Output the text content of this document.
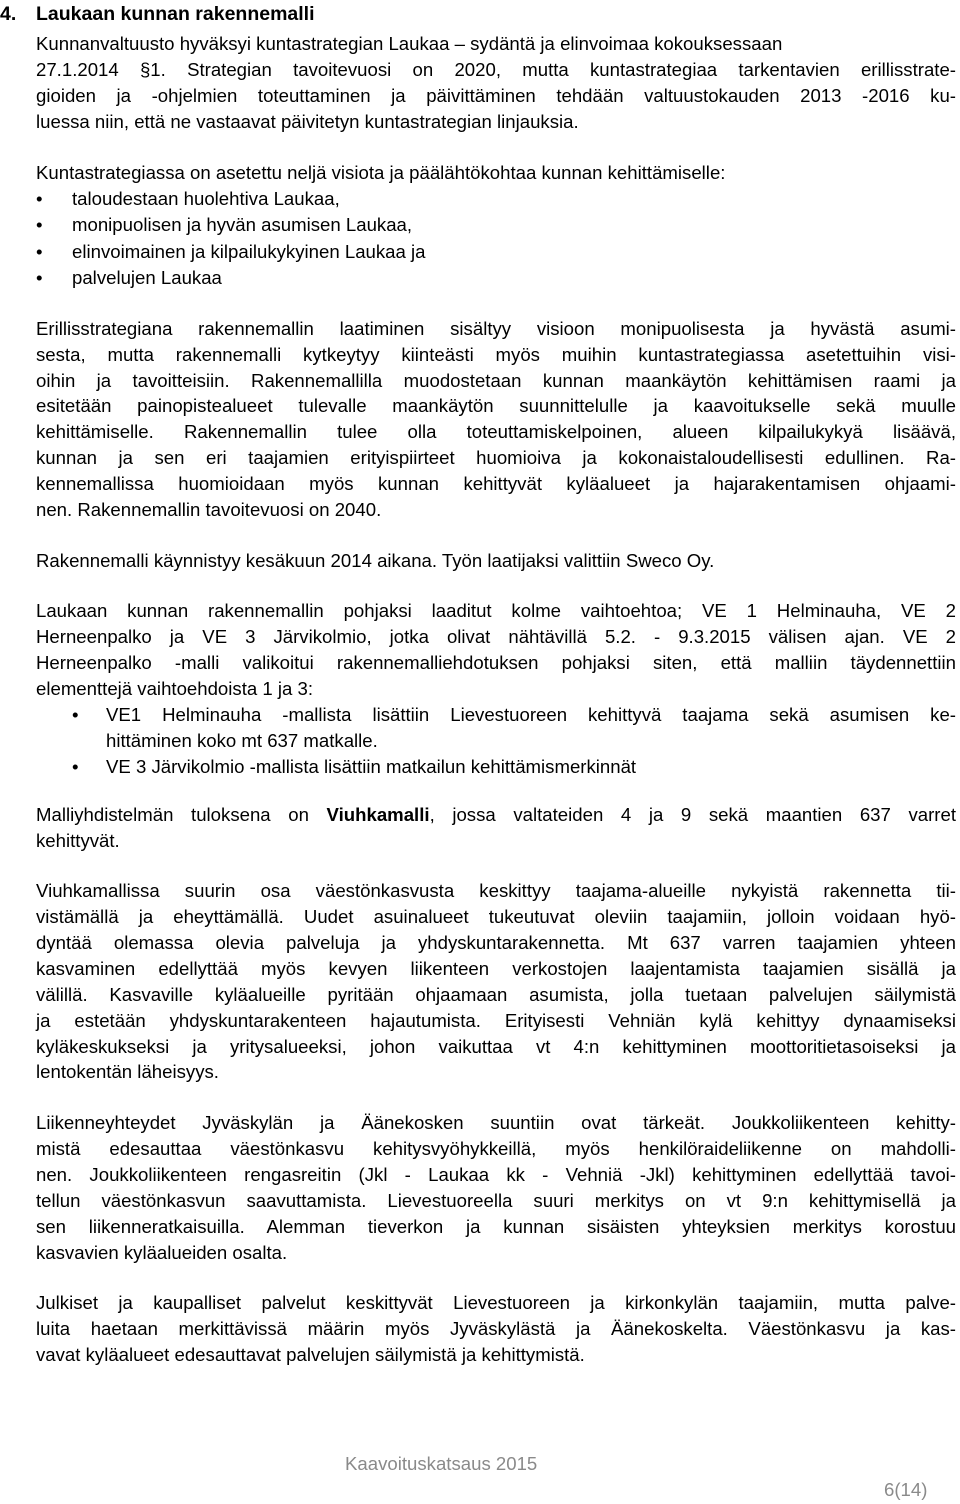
4. Laukaan kunnan rakennemalli
Kunnanvaltuusto hyväksyi kuntastrategian Laukaa – sydäntä ja elinvoimaa kokouksessaan
27.1.2014 §1. Strategian tavoitevuosi on 2020, mutta kuntastrategiaa tarkentavien erillisstrate-
gioiden ja -ohjelmien toteuttaminen ja päivittäminen tehdään valtuustokauden 2013 -2016 ku-
luessa niin, että ne vastaavat päivitetyn kuntastrategian linjauksia.
Kuntastrategiassa on asetettu neljä visiota ja päälähtökohtaa kunnan kehittämiselle:
• taloudestaan huolehtiva Laukaa,
• monipuolisen ja hyvän asumisen Laukaa,
• elinvoimainen ja kilpailukykyinen Laukaa ja
• palvelujen Laukaa
Erillisstrategiana rakennemallin laatiminen sisältyy visioon monipuolisesta ja hyvästä asumi-
sesta, mutta rakennemalli kytkeytyy kiinteästi myös muihin kuntastrategiassa asetettuihin visi-
oihin ja tavoitteisiin. Rakennemallilla muodostetaan kunnan maankäytön kehittämisen raami ja
esitetään painopistealueet tulevalle maankäytön suunnittelulle ja kaavoitukselle sekä muulle
kehittämiselle. Rakennemallin tulee olla toteuttamiskelpoinen, alueen kilpailukykyä lisäävä,
kunnan ja sen eri taajamien erityispiirteet huomioiva ja kokonaistaloudellisesti edullinen. Ra-
kennemallissa huomioidaan myös kunnan kehittyvät kyläalueet ja hajarakentamisen ohjaami-
nen. Rakennemallin tavoitevuosi on 2040.
Rakennemalli käynnistyy kesäkuun 2014 aikana. Työn laatijaksi valittiin Sweco Oy.
Laukaan kunnan rakennemallin pohjaksi laaditut kolme vaihtoehtoa; VE 1 Helminauha, VE 2
Herneenpalko ja VE 3 Järvikolmio, jotka olivat nähtävillä 5.2. - 9.3.2015 välisen ajan. VE 2
Herneenpalko -malli valikoitui rakennemalliehdotuksen pohjaksi siten, että malliin täydennettiin
elementtejä vaihtoehdoista 1 ja 3:
• VE1 Helminauha -mallista lisättiin Lievestuoreen kehittyvä taajama sekä asumisen ke-
hittäminen koko mt 637 matkalle.
• VE 3 Järvikolmio -mallista lisättiin matkailun kehittämismerkinnät
Malliyhdistelmän tuloksena on Viuhkamalli, jossa valtateiden 4 ja 9 sekä maantien 637 varret
kehittyvät.
Viuhkamallissa suurin osa väestönkasvusta keskittyy taajama-alueille nykyistä rakennetta tii-
vistämällä ja eheyttämällä. Uudet asuinalueet tukeutuvat oleviin taajamiin, jolloin voidaan hyö-
dyntää olemassa olevia palveluja ja yhdyskuntarakennetta. Mt 637 varren taajamien yhteen
kasvaminen edellyttää myös kevyen liikenteen verkostojen laajentamista taajamien sisällä ja
välillä. Kasvaville kyläalueille pyritään ohjaamaan asumista, jolla tuetaan palvelujen säilymistä
ja estetään yhdyskuntarakenteen hajautumista. Erityisesti Vehniän kylä kehittyy dynaamiseksi
kyläkeskukseksi ja yritysalueeksi, johon vaikuttaa vt 4:n kehittyminen moottoritietasoiseksi ja
lentokentän läheisyys.
Liikenneyhteydet Jyväskylän ja Äänekosken suuntiin ovat tärkeät. Joukkoliikenteen kehitty-
mistä edesauttaa väestönkasvu kehitysvyöhykkeillä, myös henkilöraideliikenne on mahdolli-
nen. Joukkoliikenteen rengasreitin (Jkl - Laukaa kk - Vehniä -Jkl) kehittyminen edellyttää tavoi-
tellun väestönkasvun saavuttamista. Lievestuoreella suuri merkitys on vt 9:n kehittymisellä ja
sen liikenneratkaisuilla. Alemman tieverkon ja kunnan sisäisten yhteyksien merkitys korostuu
kasvavien kyläalueiden osalta.
Julkiset ja kaupalliset palvelut keskittyvät Lievestuoreen ja kirkonkylän taajamiin, mutta palve-
luita haetaan merkittävissä määrin myös Jyväskylästä ja Äänekoskelta. Väestönkasvu ja kas-
vavat kyläalueet edesauttavat palvelujen säilymistä ja kehittymistä.
Kaavoituskatsaus 2015
6(14)
